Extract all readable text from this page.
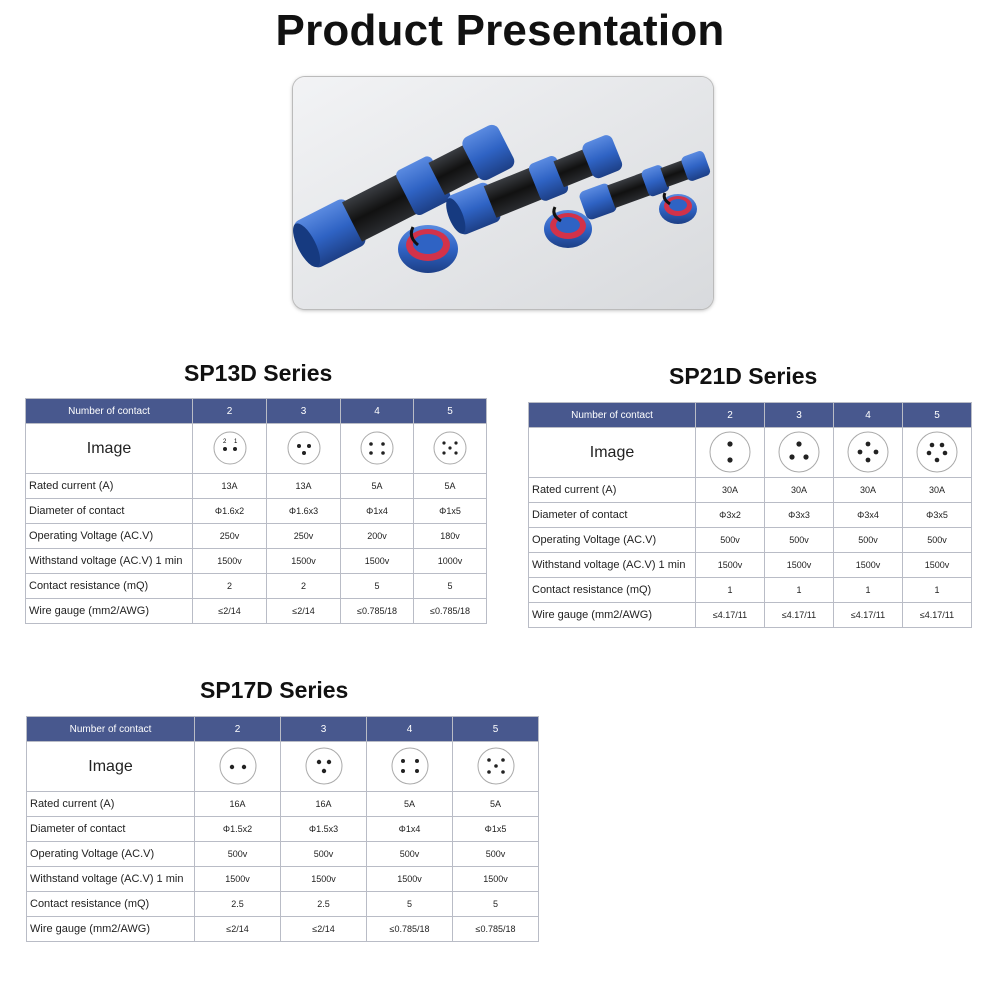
Product Presentation
SP13D Series
Number of contact	2	3	4	5
Image	2 1

Rated current (A)	13A	13A	5A	5A
Diameter of contact	Φ1.6x2	Φ1.6x3	Φ1x4	Φ1x5
Operating Voltage (AC.V)	250v	250v	200v	180v
Withstand voltage (AC.V) 1 min	1500v	1500v	1500v	1000v
Contact resistance (mQ)	2	2	5	5
Wire gauge (mm2/AWG)	≤2/14	≤2/14	≤0.785/18	≤0.785/18
SP21D Series
Number of contact	2	3	4	5
Image				
Rated current (A)	30A	30A	30A	30A
Diameter of contact	Φ3x2	Φ3x3	Φ3x4	Φ3x5
Operating Voltage (AC.V)	500v	500v	500v	500v
Withstand voltage (AC.V) 1 min	1500v	1500v	1500v	1500v
Contact resistance (mQ)	1	1	1	1
Wire gauge (mm2/AWG)	≤4.17/11	≤4.17/11	≤4.17/11	≤4.17/11
SP17D Series
Number of contact	2	3	4	5
Image				
Rated current (A)	16A	16A	5A	5A
Diameter of contact	Φ1.5x2	Φ1.5x3	Φ1x4	Φ1x5
Operating Voltage (AC.V)	500v	500v	500v	500v
Withstand voltage (AC.V) 1 min	1500v	1500v	1500v	1500v
Contact resistance (mQ)	2.5	2.5	5	5
Wire gauge (mm2/AWG)	≤2/14	≤2/14	≤0.785/18	≤0.785/18
